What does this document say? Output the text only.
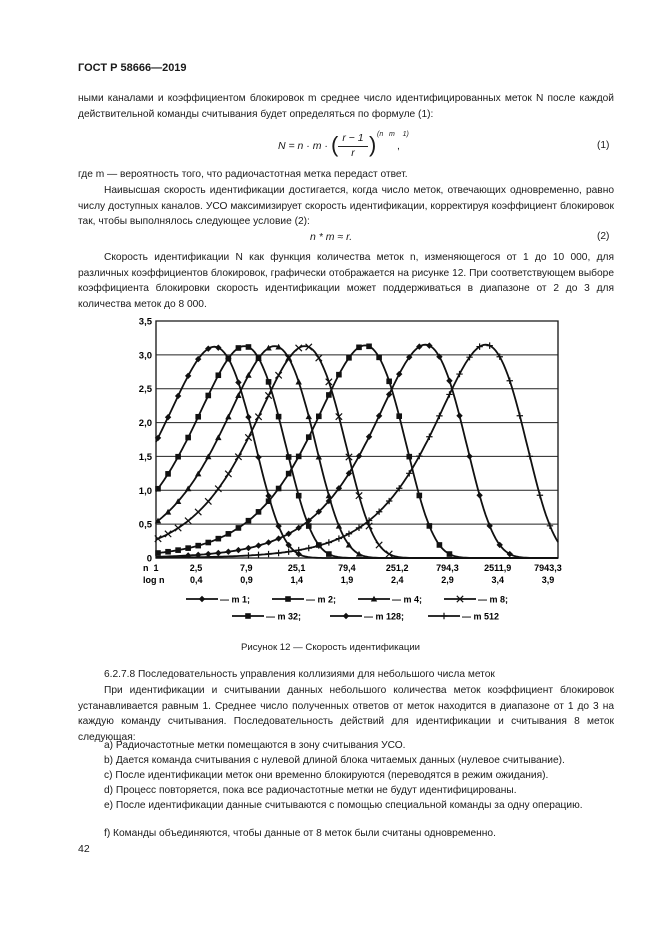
ГОСТ Р 58666—2019
ными каналами и коэффициентом блокировок m среднее число идентифицированных меток N после каждой действительной команды считывания будет определяться по формуле (1):
N = n · m · ( r − 1
r ) (n   m    1)
,	(1)
где m — вероятность того, что радиочастотная метка передаст ответ.
Наивысшая скорость идентификации достигается, когда число меток, отвечающих одновременно, равно числу доступных каналов. УСО максимизирует скорость идентификации, корректируя коэффициент блокировок так, чтобы выполнялось следующее условие (2):
n * m ≈ r.	(2)
Скорость идентификации N как функция количества меток n, изменяющегося от 1 до 10 000, для различных коэффициентов блокировок, графически отображается на рисунке 12. При соответствующем выборе коэффициента блокировки скорость идентификации может поддерживаться в диапазоне от 2 до 3 для количества меток до 8 000.
3,5
3,0
2,5
2,0
1,5
1,0
0,5
0
n 1	2,5	7,9	25,1	79,4	251,2	794,3	2511,9	7943,3
log n	0,4	0,9	1,4	1,9	2,4	2,9	3,4	3,9
— m 1;	— m 2;	— m 4;	— m 8;
— m 32;	— m 128;	— m 512
Рисунок 12 — Скорость идентификации
6.2.7.8 Последовательность управления коллизиями для небольшого числа меток
При идентификации и считывании данных небольшого количества меток коэффициент блокировок устанавливается равным 1. Среднее число полученных ответов от меток находится в диапазоне от 1 до 3 на каждую команду считывания. Последовательность действий для идентификации и считывания 8 меток следующая:
а) Радиочастотные метки помещаются в зону считывания УСО.
b) Дается команда считывания с нулевой длиной блока читаемых данных (нулевое считывание).
с) После идентификации меток они временно блокируются (переводятся в режим ожидания).
d) Процесс повторяется, пока все радиочастотные метки не будут идентифицированы.
е) После идентификации данные считываются с помощью специальной команды за одну операцию.
f) Команды объединяются, чтобы данные от 8 меток были считаны одновременно.
42
